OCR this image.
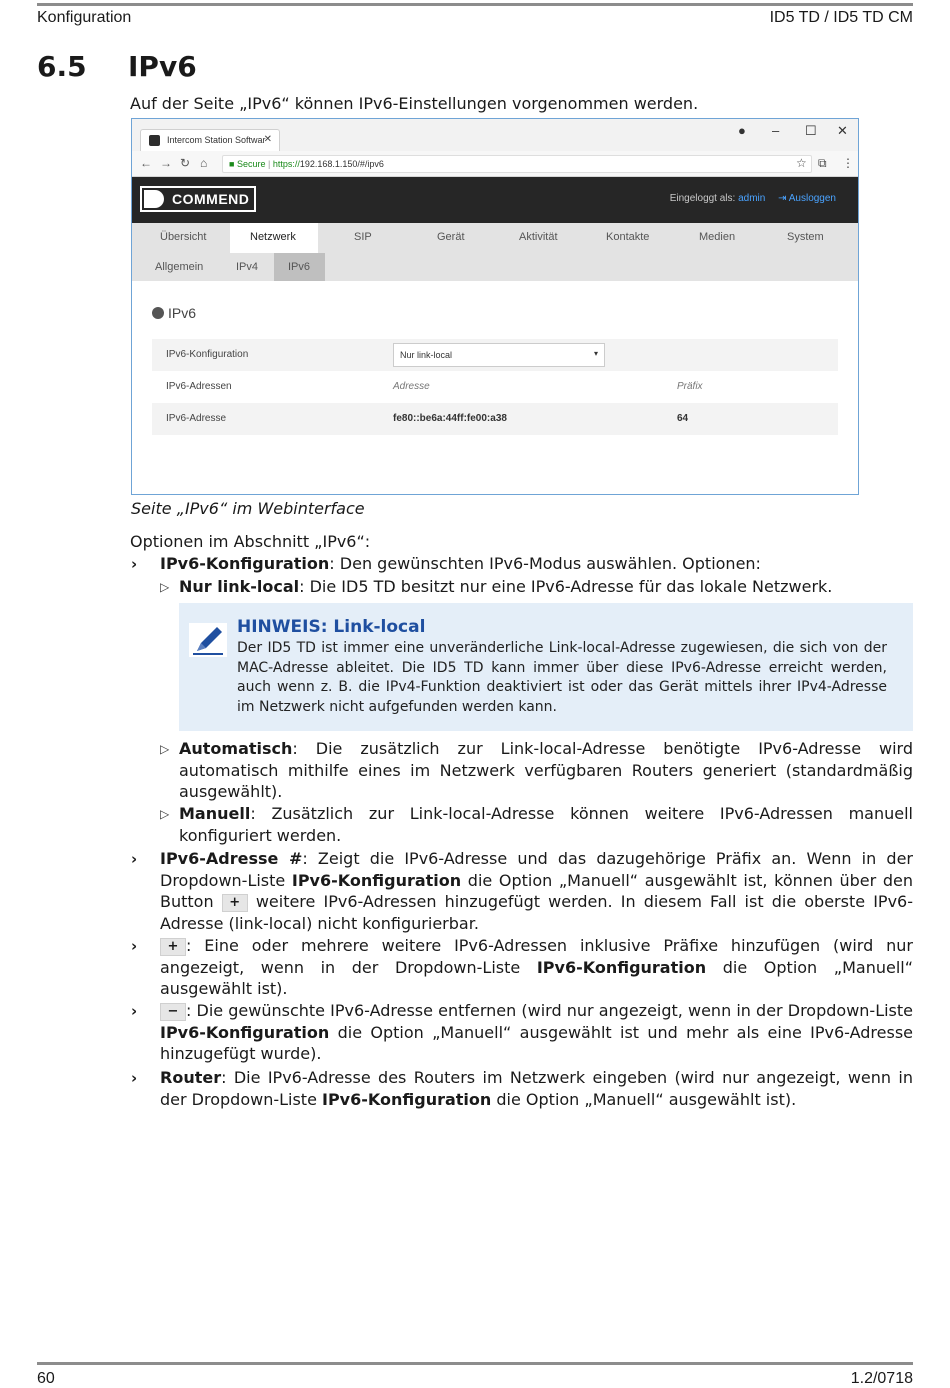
Konfiguration	ID5 TD / ID5 TD CM
6.5 IPv6
Auf der Seite „IPv6“ können IPv6-Einstellungen vorgenommen werden.
Intercom Station Softwar
✕
● – ☐ ✕
← → ↻ ⌂	■ Secure | https://192.168.1.150/#/ipv6	☆ ⧉ ⋮
COMMEND	Eingeloggt als: admin ⇥ Ausloggen
Übersicht	Netzwerk	SIP	Gerät	Aktivität	Kontakte	Medien	System
Allgemein	IPv4	IPv6
IPv6
IPv6-Konfiguration	Nur link-local	▾
IPv6-Adressen	Adresse	Präfix
IPv6-Adresse	fe80::be6a:44ff:fe00:a38	64
Seite „IPv6“ im Webinterface
Optionen im Abschnitt „IPv6“:
› IPv6-Konfiguration: Den gewünschten IPv6-Modus auswählen. Optionen:
▷ Nur link-local: Die ID5 TD besitzt nur eine IPv6-Adresse für das lokale Netzwerk.
HINWEIS: Link-local
Der ID5 TD ist immer eine unveränderliche Link-local-Adresse zugewiesen, die sich von der MAC-Adresse ableitet. Die ID5 TD kann immer über diese IPv6-Adresse erreicht werden, auch wenn z. B. die IPv4-Funktion deaktiviert ist oder das Gerät mittels ihrer IPv4-Adresse im Netzwerk nicht aufgefunden werden kann.
▷ Automatisch: Die zusätzlich zur Link-local-Adresse benötigte IPv6-Adresse wird automatisch mithilfe eines im Netzwerk verfügbaren Routers generiert (standardmäßig ausgewählt).
▷ Manuell: Zusätzlich zur Link-local-Adresse können weitere IPv6-Adressen manuell konfiguriert werden.
› IPv6-Adresse #: Zeigt die IPv6-Adresse und das dazugehörige Präfix an. Wenn in der Dropdown-Liste IPv6-Konfiguration die Option „Manuell“ ausgewählt ist, können über den Button + weitere IPv6-Adressen hinzugefügt werden. In diesem Fall ist die oberste IPv6-Adresse (link-local) nicht konfigurierbar.
›	+ : Eine oder mehrere weitere IPv6-Adressen inklusive Präfixe hinzufügen (wird nur angezeigt, wenn in der Dropdown-Liste IPv6-Konfiguration die Option „Manuell“ ausgewählt ist).
›	− : Die gewünschte IPv6-Adresse entfernen (wird nur angezeigt, wenn in der Dropdown-Liste IPv6-Konfiguration die Option „Manuell“ ausgewählt ist und mehr als eine IPv6-Adresse hinzugefügt wurde).
› Router: Die IPv6-Adresse des Routers im Netzwerk eingeben (wird nur angezeigt, wenn in der Dropdown-Liste IPv6-Konfiguration die Option „Manuell“ ausgewählt ist).
60	1.2/0718
